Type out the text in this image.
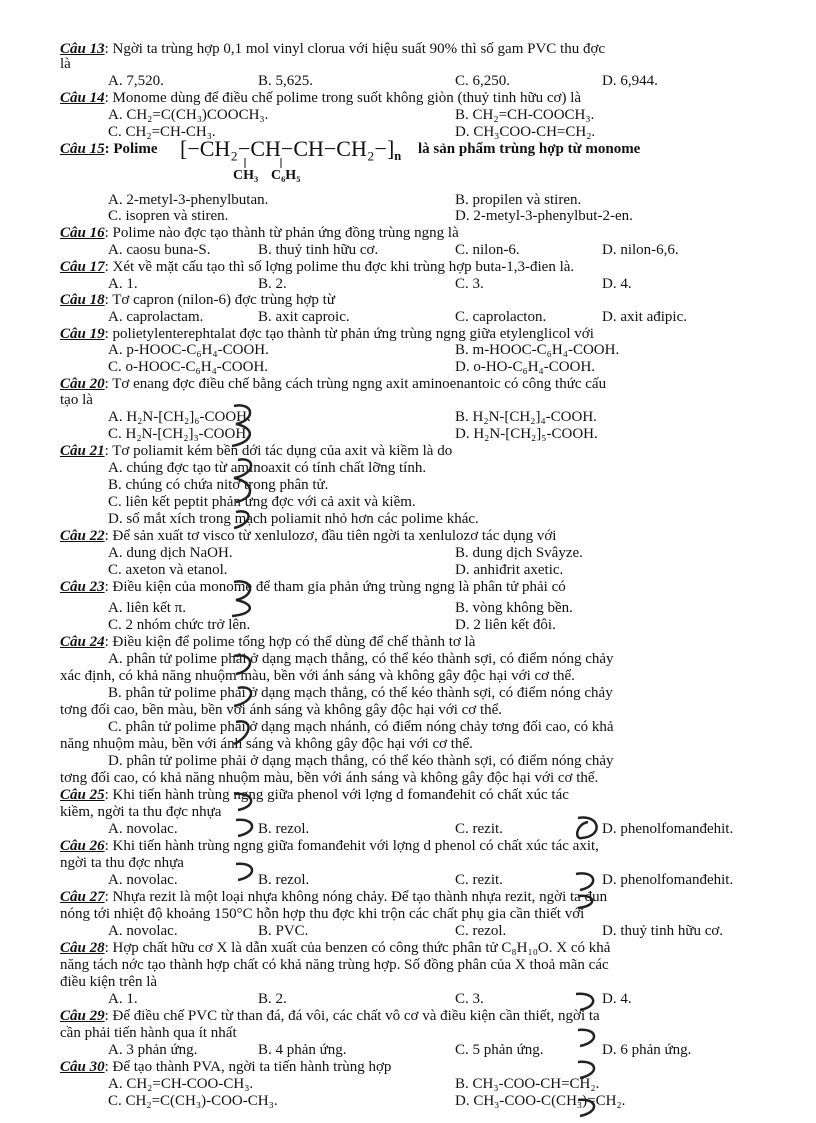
Câu 13: Ngời ta trùng hợp 0,1 mol vinyl clorua với hiệu suất 90% thì số gam PVC thu đợc
là
A. 7,520.	B. 5,625.	C. 6,250.	D. 6,944.
Câu 14: Monome dùng để điều chế polime trong suốt không giòn (thuỷ tinh hữu cơ) là
A. CH₂=C(CH₃)COOCH₃.	B. CH₂=CH-COOCH₃.
C. CH₂=CH-CH₃.	D. CH₃COO-CH=CH₂.
Câu 15: Polime $[-CH_2-CH-CH-CH_2-]_n$
CH₃ C₆H₅
là sản phẩm trùng hợp từ monome
A. 2-metyl-3-phenylbutan.	B. propilen và stiren.
C. isopren và stiren.	D. 2-metyl-3-phenylbut-2-en.
Câu 16: Polime nào đợc tạo thành từ phản ứng đồng trùng ngng là
A. caosu buna-S.	B. thuỷ tinh hữu cơ.	C. nilon-6.	D. nilon-6,6.
Câu 17: Xét về mặt cấu tạo thì số lợng polime thu đợc khi trùng hợp buta-1,3-đien là.
A. 1.	B. 2.	C. 3.	D. 4.
Câu 18: Tơ capron (nilon-6) đợc trùng hợp từ
A. caprolactam.	B. axit caproic.	C. caprolacton.	D. axit ađipic.
Câu 19: polietylenterephtalat đợc tạo thành từ phản ứng trùng ngng giữa etylenglicol với
A. p-HOOC-C₆H₄-COOH.	B. m-HOOC-C₆H₄-COOH.
C. o-HOOC-C₆H₄-COOH.	D. o-HO-C₆H₄-COOH.
Câu 20: Tơ enang đợc điều chế bằng cách trùng ngng axit aminoenantoic có công thức cấu
tạo là
A. H₂N-[CH₂]₆-COOH.	B. H₂N-[CH₂]₄-COOH.
C. H₂N-[CH₂]₃-COOH.	D. H₂N-[CH₂]₅-COOH.
Câu 21: Tơ poliamit kém bền dới tác dụng của axit và kiềm là do
A. chúng đợc tạo từ aminoaxit có tính chất lỡng tính.
B. chúng có chứa nitơ trong phân tử.
C. liên kết peptit phản ứng đợc với cả axit và kiềm.
D. số mắt xích trong mạch poliamit nhỏ hơn các polime khác.
Câu 22: Để sản xuất tơ visco từ xenlulozơ, đầu tiên ngời ta xenlulozơ tác dụng với
A. dung dịch NaOH.	B. dung dịch Svâyze.
C. axeton và etanol.	D. anhiđrit axetic.
Câu 23: Điều kiện của monome để tham gia phản ứng trùng ngng là phân tử phải có
A. liên kết π.	B. vòng không bền.
C. 2 nhóm chức trở lên.	D. 2 liên kết đôi.
Câu 24: Điều kiện để polime tổng hợp có thể dùng để chế thành tơ là
A. phân tử polime phải ở dạng mạch thẳng, có thể kéo thành sợi, có điểm nóng chảy
xác định, có khả năng nhuộm màu, bền với ánh sáng và không gây độc hại với cơ thể.
B. phân tử polime phải ở dạng mạch thẳng, có thể kéo thành sợi, có điểm nóng chảy
tơng đối cao, bền màu, bền với ánh sáng và không gây độc hại với cơ thể.
C. phân tử polime phải ở dạng mạch nhánh, có điểm nóng chảy tơng đối cao, có khả
năng nhuộm màu, bền với ánh sáng và không gây độc hại với cơ thể.
D. phân tử polime phải ở dạng mạch thẳng, có thể kéo thành sợi, có điểm nóng chảy
tơng đối cao, có khả năng nhuộm màu, bền với ánh sáng và không gây độc hại với cơ thể.
Câu 25: Khi tiến hành trùng ngng giữa phenol với lợng d fomanđehit có chất xúc tác
kiềm, ngời ta thu đợc nhựa
A. novolac.	B. rezol.	C. rezit.	D. phenolfomanđehit.
Câu 26: Khi tiến hành trùng ngng giữa fomanđehit với lợng d phenol có chất xúc tác axit,
ngời ta thu đợc nhựa
A. novolac.	B. rezol.	C. rezit.	D. phenolfomanđehit.
Câu 27: Nhựa rezit là một loại nhựa không nóng chảy. Để tạo thành nhựa rezit, ngời ta đun
nóng tới nhiệt độ khoảng 150°C hỗn hợp thu đợc khi trộn các chất phụ gia cần thiết với
A. novolac.	B. PVC.	C. rezol.	D. thuỷ tinh hữu cơ.
Câu 28: Hợp chất hữu cơ X là dẫn xuất của benzen có công thức phân tử C₈H₁₀O. X có khả
năng tách nớc tạo thành hợp chất có khả năng trùng hợp. Số đồng phân của X thoả mãn các
điều kiện trên là
A. 1.	B. 2.	C. 3.	D. 4.
Câu 29: Để điều chế PVC từ than đá, đá vôi, các chất vô cơ và điều kiện cần thiết, ngời ta
cần phải tiến hành qua ít nhất
A. 3 phản ứng.	B. 4 phản ứng.	C. 5 phản ứng.	D. 6 phản ứng.
Câu 30: Để tạo thành PVA, ngời ta tiến hành trùng hợp
A. CH₂=CH-COO-CH₃.	B. CH₃-COO-CH=CH₂.
C. CH₂=C(CH₃)-COO-CH₃.	D. CH₃-COO-C(CH₃)=CH₂.
